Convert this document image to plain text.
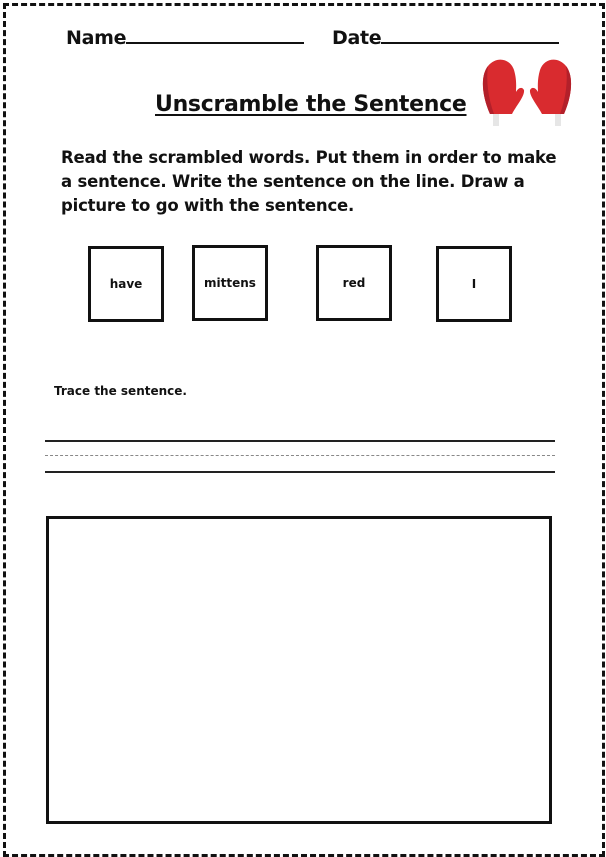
Name	Date
Unscramble the Sentence
Read the scrambled words. Put them in order to make a sentence. Write the sentence on the line. Draw a picture to go with the sentence.
have	mittens	red	I
Trace the sentence.
